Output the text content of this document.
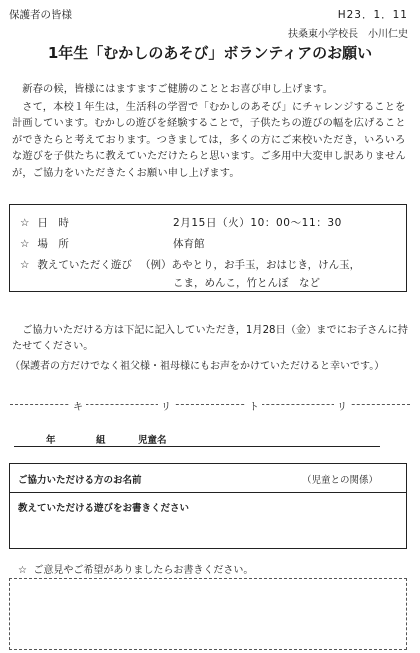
保護者の皆様	H23．1．11
扶桑東小学校長　小川仁史
1年生「むかしのあそび」ボランティアのお願い
新春の候，皆様にはますますご健勝のこととお喜び申し上げます。
さて，本校１年生は，生活科の学習で「むかしのあそび」にチャレンジすることを計画しています。むかしの遊びを経験することで，子供たちの遊びの幅を広げることができたらと考えております。つきましては，多くの方にご来校いただき，いろいろな遊びを子供たちに教えていただけたらと思います。ご多用中大変申し訳ありませんが，ご協力をいただきたくお願い申し上げます。
☆ 日　時	2月15日（火）10：00～11：30
☆ 場　所	体育館
☆ 教えていただく遊び （例）あやとり，お手玉，おはじき，けん玉，
こま，めんこ，竹とんぼ　など
ご協力いただける方は下記に記入していただき，1月28日（金）までにお子さんに持たせてください。
（保護者の方だけでなく祖父様・祖母様にもお声をかけていただけると幸いです。）
キ	リ	ト	リ
年	組	児童名
ご協力いただける方のお名前	（児童との関係）
教えていただける遊びをお書きください
☆ ご意見やご希望がありましたらお書きください。
